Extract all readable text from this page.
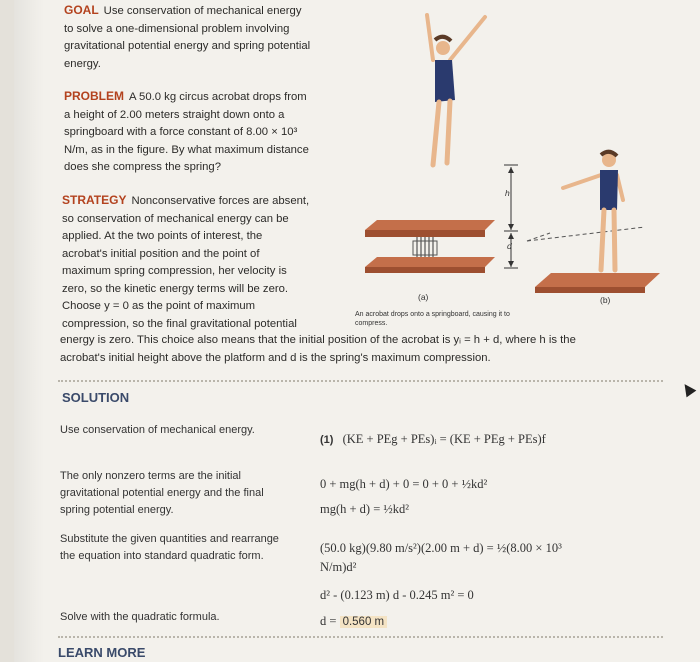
GOAL Use conservation of mechanical energy
to solve a one-dimensional problem involving
gravitational potential energy and spring potential
energy.
PROBLEM A 50.0 kg circus acrobat drops from
a height of 2.00 meters straight down onto a
springboard with a force constant of 8.00 × 10³
N/m, as in the figure. By what maximum distance
does she compress the spring?
STRATEGY Nonconservative forces are absent,
so conservation of mechanical energy can be
applied. At the two points of interest, the
acrobat's initial position and the point of
maximum spring compression, her velocity is
zero, so the kinetic energy terms will be zero.
Choose y = 0 as the point of maximum
compression, so the final gravitational potential
energy is zero. This choice also means that the initial position of the acrobat is yᵢ = h + d, where h is the
acrobat's initial height above the platform and d is the spring's maximum compression.
h
d
(a)	(b)
An acrobat drops onto a springboard, causing it to
compress.
SOLUTION
Use conservation of mechanical energy.
(1) (KE + PEg + PEs)ᵢ = (KE + PEg + PEs)f
The only nonzero terms are the initial gravitational potential energy and the final spring potential energy.
0 + mg(h + d) + 0 = 0 + 0 + ½kd²
mg(h + d) = ½kd²
Substitute the given quantities and rearrange the equation into standard quadratic form.
(50.0 kg)(9.80 m/s²)(2.00 m + d) = ½(8.00 × 10³
N/m)d²
d² - (0.123 m) d - 0.245 m² = 0
Solve with the quadratic formula.	d = 0.560 m
LEARN MORE
